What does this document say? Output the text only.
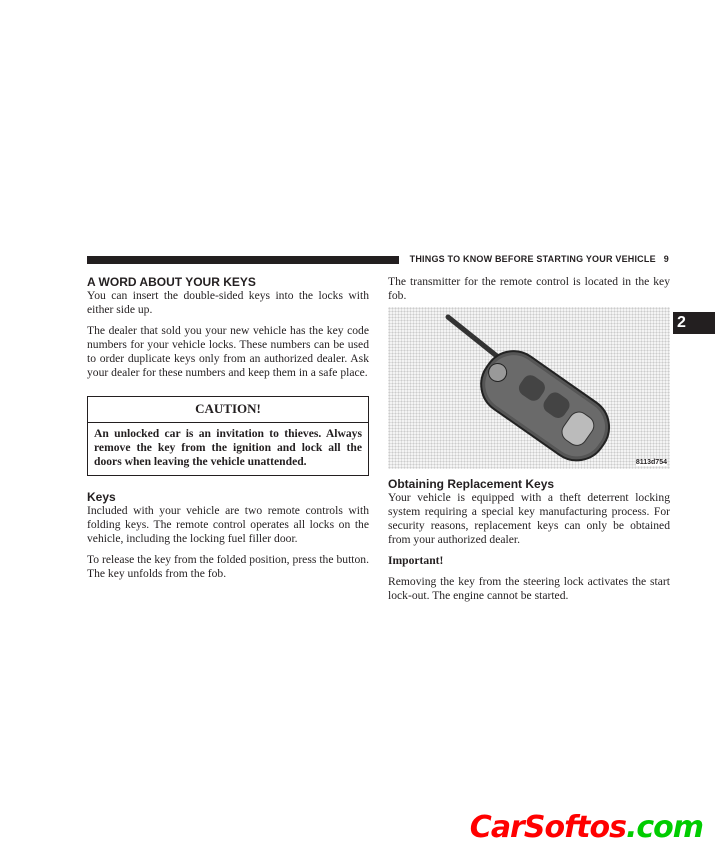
THINGS TO KNOW BEFORE STARTING YOUR VEHICLE 9
2
A WORD ABOUT YOUR KEYS

You can insert the double-sided keys into the locks with either side up.

The dealer that sold you your new vehicle has the key code numbers for your vehicle locks. These numbers can be used to order duplicate keys only from an authorized dealer. Ask your dealer for these numbers and keep them in a safe place.

CAUTION!
An unlocked car is an invitation to thieves. Always remove the key from the ignition and lock all the doors when leaving the vehicle unattended.
Keys

Included with your vehicle are two remote controls with folding keys. The remote control operates all locks on the vehicle, including the locking fuel filler door.

To release the key from the folded position, press the button. The key unfolds from the fob.

The transmitter for the remote control is located in the key fob.

8113d754
Obtaining Replacement Keys

Your vehicle is equipped with a theft deterrent locking system requiring a special key manufacturing process. For security reasons, replacement keys can only be obtained from your authorized dealer.

Important!

Removing the key from the steering lock activates the start lock-out. The engine cannot be started.

CarSoftos.com
